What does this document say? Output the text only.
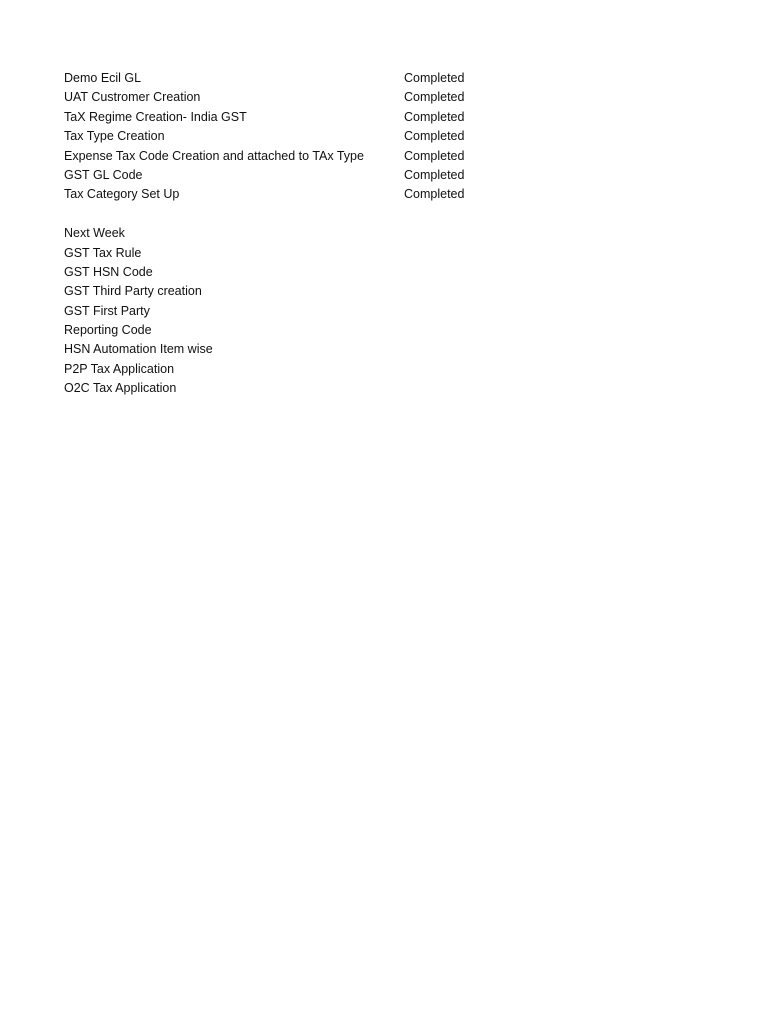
Demo Ecil GL	Completed
UAT Custromer Creation	Completed
TaX Regime Creation- India GST	Completed
Tax Type Creation	Completed
Expense Tax Code Creation and attached to TAx Type	Completed
GST GL Code	Completed
Tax Category Set Up	Completed
Next Week
GST Tax Rule
GST HSN Code
GST Third Party creation
GST First Party
Reporting Code
HSN Automation Item wise
P2P Tax Application
O2C Tax Application
